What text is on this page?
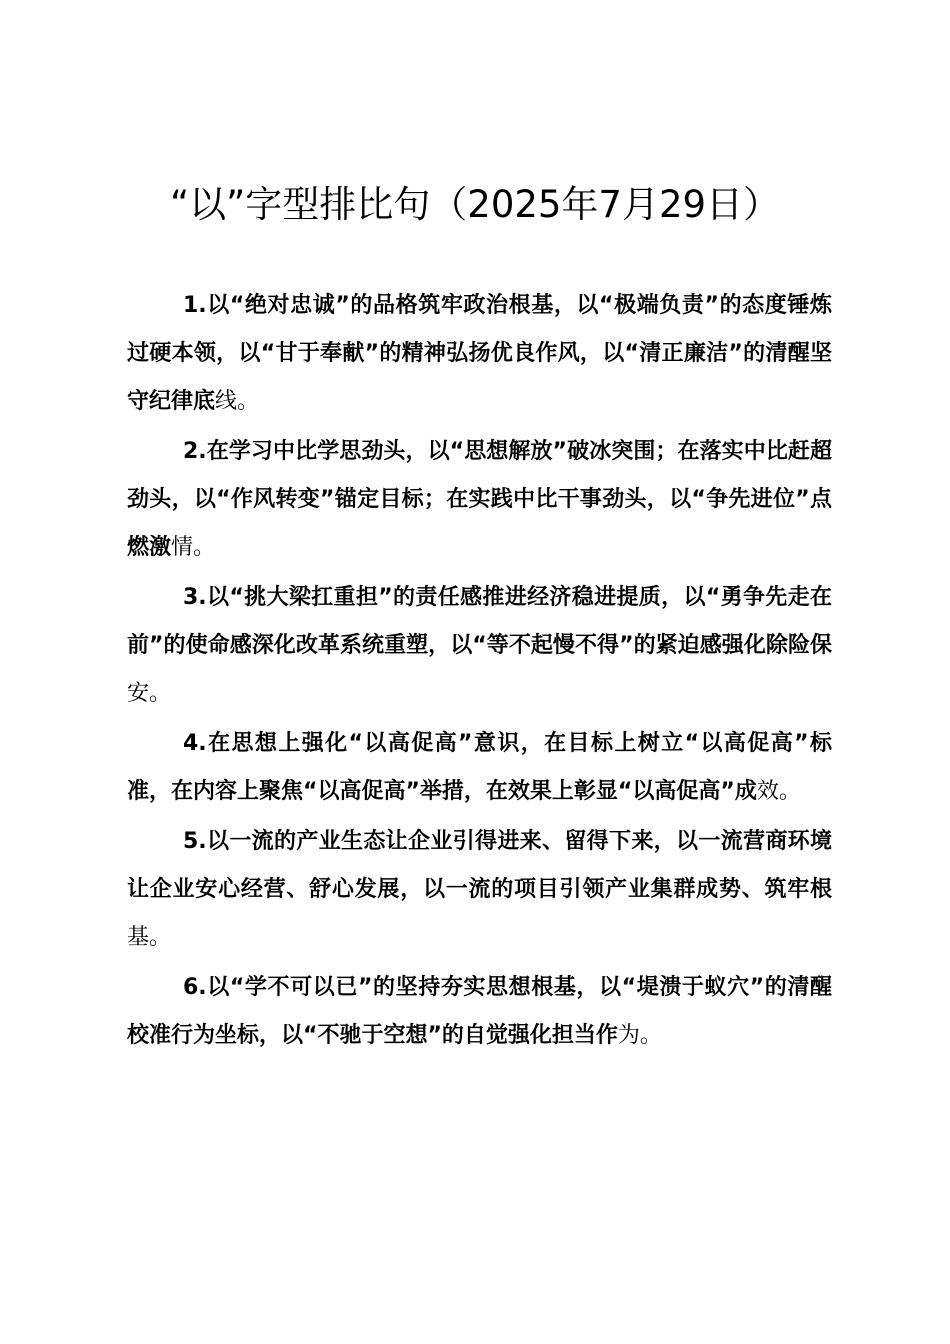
“以”字型排比句（2025年7月29日）

1.以“绝对忠诚”的品格筑牢政治根基，以“极端负责”的态度锤炼过硬本领，以“甘于奉献”的精神弘扬优良作风，以“清正廉洁”的清醒坚守纪律底线。

2.在学习中比学思劲头，以“思想解放”破冰突围；在落实中比赶超劲头，以“作风转变”锚定目标；在实践中比干事劲头，以“争先进位”点燃激情。

3.以“挑大梁扛重担”的责任感推进经济稳进提质，以“勇争先走在前”的使命感深化改革系统重塑，以“等不起慢不得”的紧迫感强化除险保安。

4.在思想上强化“以高促高”意识，在目标上树立“以高促高”标准，在内容上聚焦“以高促高”举措，在效果上彰显“以高促高”成效。

5.以一流的产业生态让企业引得进来、留得下来，以一流营商环境让企业安心经营、舒心发展，以一流的项目引领产业集群成势、筑牢根基。

6.以“学不可以已”的坚持夯实思想根基，以“堤溃于蚁穴”的清醒校准行为坐标，以“不驰于空想”的自觉强化担当作为。
